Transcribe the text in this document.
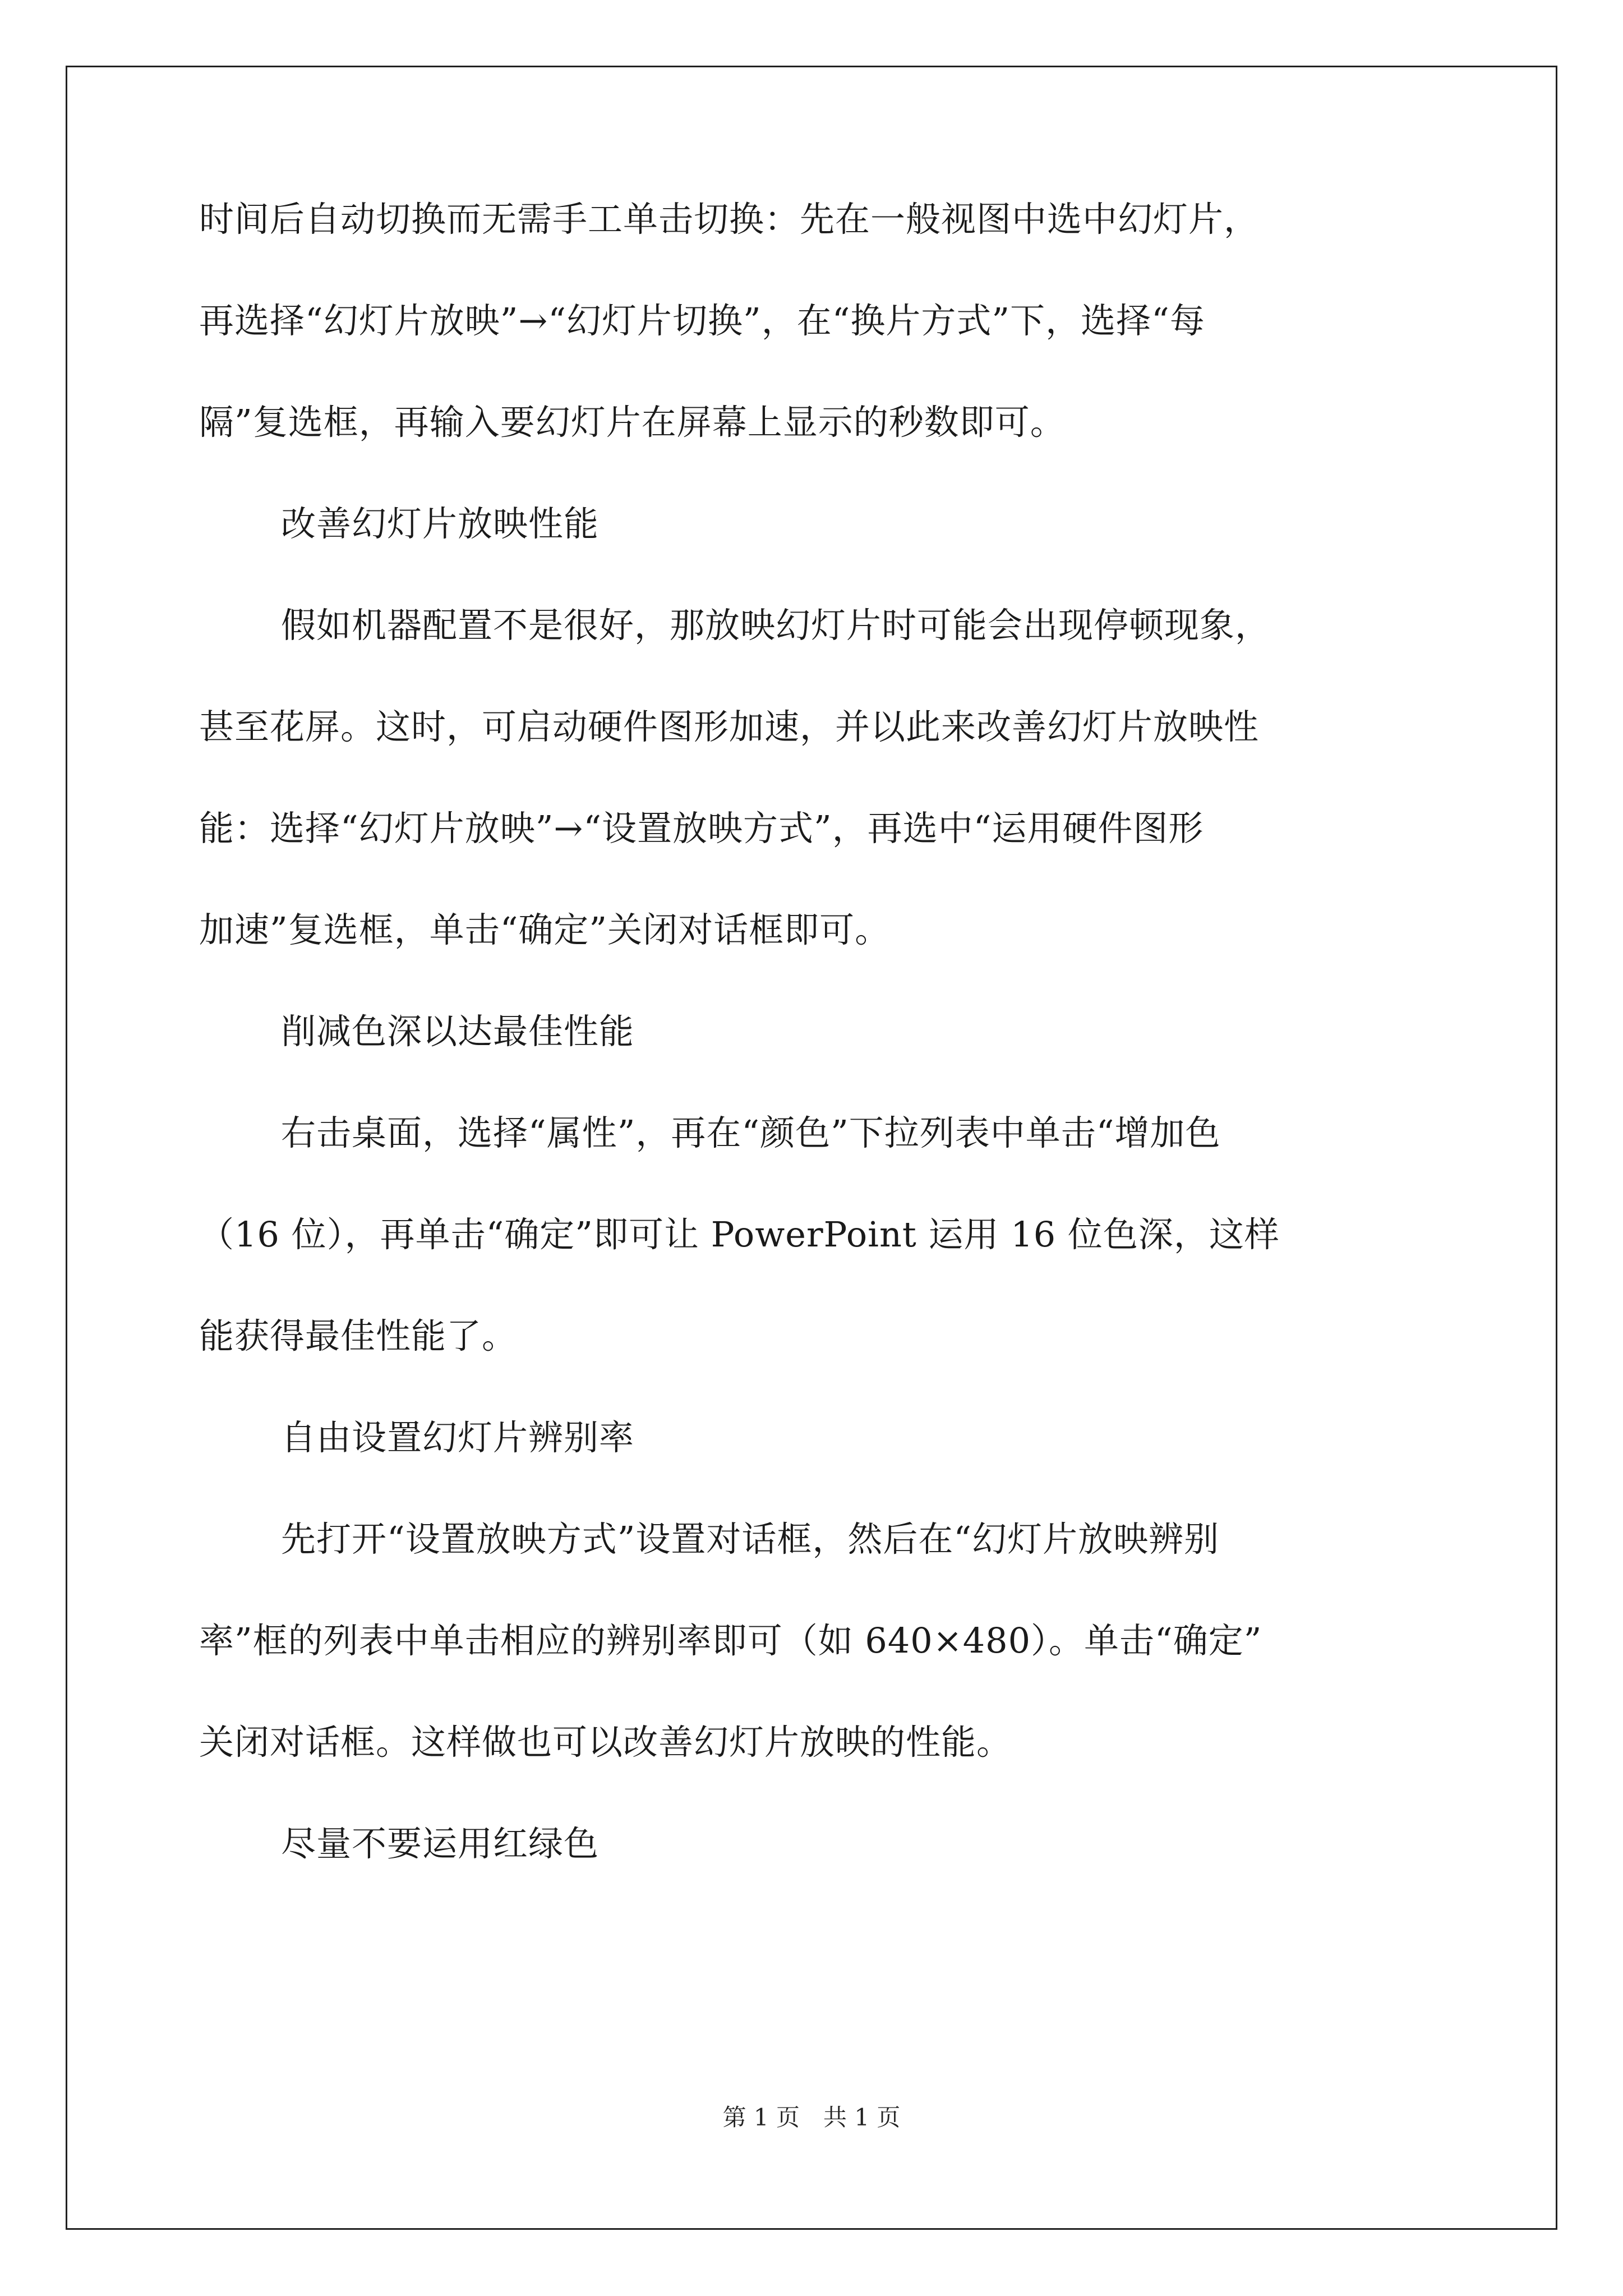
时间后自动切换而无需手工单击切换：先在一般视图中选中幻灯片，
再选择“幻灯片放映”→“幻灯片切换”，在“换片方式”下，选择“每
隔”复选框，再输入要幻灯片在屏幕上显示的秒数即可。
改善幻灯片放映性能
假如机器配置不是很好，那放映幻灯片时可能会出现停顿现象，
甚至花屏。这时，可启动硬件图形加速，并以此来改善幻灯片放映性
能：选择“幻灯片放映”→“设置放映方式”，再选中“运用硬件图形
加速”复选框，单击“确定”关闭对话框即可。
削减色深以达最佳性能
右击桌面，选择“属性”，再在“颜色”下拉列表中单击“增加色
（16 位），再单击“确定”即可让 PowerPoint 运用 16 位色深，这样
能获得最佳性能了。
自由设置幻灯片辨别率
先打开“设置放映方式”设置对话框，然后在“幻灯片放映辨别
率”框的列表中单击相应的辨别率即可（如 640×480）。单击“确定”
关闭对话框。这样做也可以改善幻灯片放映的性能。
尽量不要运用红绿色
第 1 页　共 1 页
